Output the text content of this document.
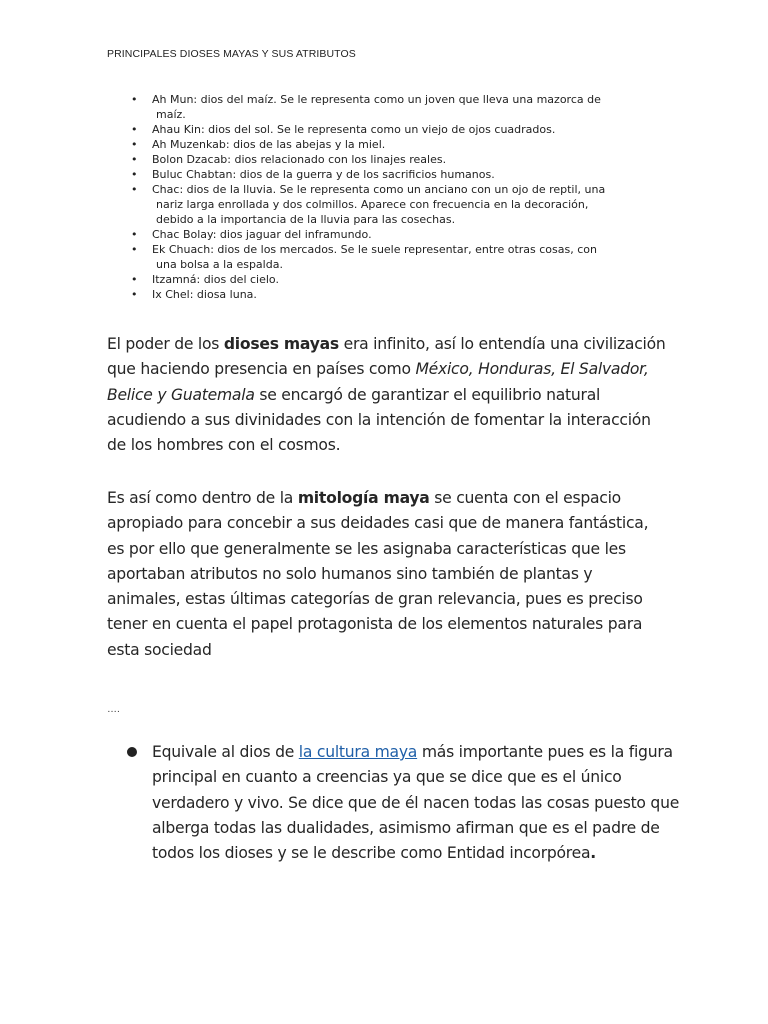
PRINCIPALES DIOSES MAYAS Y SUS ATRIBUTOS
• Ah Mun: dios del maíz. Se le representa como un joven que lleva una mazorca de
maíz.
• Ahau Kin: dios del sol. Se le representa como un viejo de ojos cuadrados.
• Ah Muzenkab: dios de las abejas y la miel.
• Bolon Dzacab: dios relacionado con los linajes reales.
• Buluc Chabtan: dios de la guerra y de los sacrificios humanos.
• Chac: dios de la lluvia. Se le representa como un anciano con un ojo de reptil, una
nariz larga enrollada y dos colmillos. Aparece con frecuencia en la decoración,
debido a la importancia de la lluvia para las cosechas.
• Chac Bolay: dios jaguar del inframundo.
• Ek Chuach: dios de los mercados. Se le suele representar, entre otras cosas, con
una bolsa a la espalda.
• Itzamná: dios del cielo.
• Ix Chel: diosa luna.

El poder de los dioses mayas era infinito, así lo entendía una civilización que haciendo presencia en países como México, Honduras, El Salvador, Belice y Guatemala se encargó de garantizar el equilibrio natural acudiendo a sus divinidades con la intención de fomentar la interacción de los hombres con el cosmos.

Es así como dentro de la mitología maya se cuenta con el espacio apropiado para concebir a sus deidades casi que de manera fantástica, es por ello que generalmente se les asignaba características que les aportaban atributos no solo humanos sino también de plantas y animales, estas últimas categorías de gran relevancia, pues es preciso tener en cuenta el papel protagonista de los elementos naturales para esta sociedad

….

Equivale al dios de la cultura maya más importante pues es la figura principal en cuanto a creencias ya que se dice que es el único verdadero y vivo. Se dice que de él nacen todas las cosas puesto que alberga todas las dualidades, asimismo afirman que es el padre de todos los dioses y se le describe como Entidad incorpórea.
